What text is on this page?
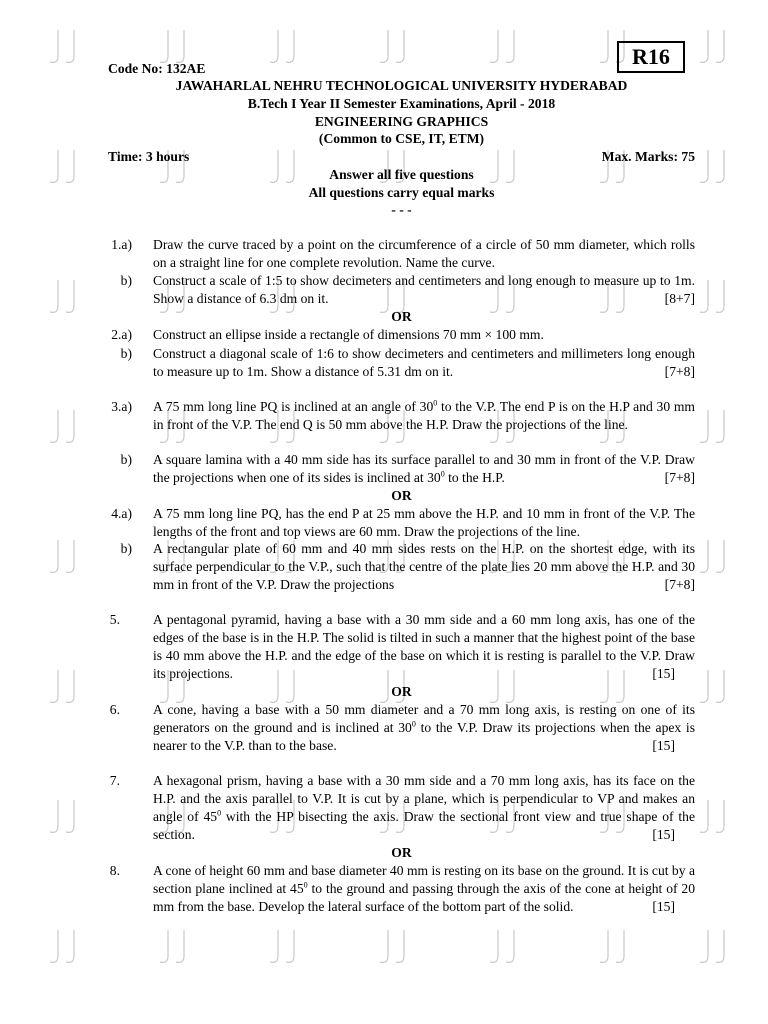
R16
Code No: 132AE
JAWAHARLAL NEHRU TECHNOLOGICAL UNIVERSITY HYDERABAD
B.Tech I Year II Semester Examinations, April - 2018
ENGINEERING GRAPHICS
(Common to CSE, IT, ETM)
Time: 3 hours	Max. Marks: 75
Answer all five questions
All questions carry equal marks
- - -
1.a) Draw the curve traced by a point on the circumference of a circle of 50 mm diameter, which rolls on a straight line for one complete revolution. Name the curve.
b) Construct a scale of 1:5 to show decimeters and centimeters and long enough to measure up to 1m. Show a distance of 6.3 dm on it.	[8+7]
OR
2.a) Construct an ellipse inside a rectangle of dimensions 70 mm × 100 mm.
b) Construct a diagonal scale of 1:6 to show decimeters and centimeters and millimeters long enough to measure up to 1m. Show a distance of 5.31 dm on it.	[7+8]
3.a) A 75 mm long line PQ is inclined at an angle of $30^0$ to the V.P. The end P is on the H.P and 30 mm in front of the V.P. The end Q is 50 mm above the H.P. Draw the projections of the line.
b) A square lamina with a 40 mm side has its surface parallel to and 30 mm in front of the V.P. Draw the projections when one of its sides is inclined at $30^0$ to the H.P.	[7+8]
OR
4.a) A 75 mm long line PQ, has the end P at 25 mm above the H.P. and 10 mm in front of the V.P. The lengths of the front and top views are 60 mm. Draw the projections of the line.
b) A rectangular plate of 60 mm and 40 mm sides rests on the H.P. on the shortest edge, with its surface perpendicular to the V.P., such that the centre of the plate lies 20 mm above the H.P. and 30 mm in front of the V.P. Draw the projections	[7+8]
5. A pentagonal pyramid, having a base with a 30 mm side and a 60 mm long axis, has one of the edges of the base is in the H.P. The solid is tilted in such a manner that the highest point of the base is 40 mm above the H.P. and the edge of the base on which it is resting is parallel to the V.P. Draw its projections.	[15]
OR
6. A cone, having a base with a 50 mm diameter and a 70 mm long axis, is resting on one of its generators on the ground and is inclined at $30^0$ to the V.P. Draw its projections when the apex is nearer to the V.P. than to the base.	[15]
7. A hexagonal prism, having a base with a 30 mm side and a 70 mm long axis, has its face on the H.P. and the axis parallel to V.P. It is cut by a plane, which is perpendicular to VP and makes an angle of $45^0$ with the HP bisecting the axis. Draw the sectional front view and true shape of the section.	[15]
OR
8. A cone of height 60 mm and base diameter 40 mm is resting on its base on the ground. It is cut by a section plane inclined at $45^0$ to the ground and passing through the axis of the cone at height of 20 mm from the base. Develop the lateral surface of the bottom part of the solid.	[15]
